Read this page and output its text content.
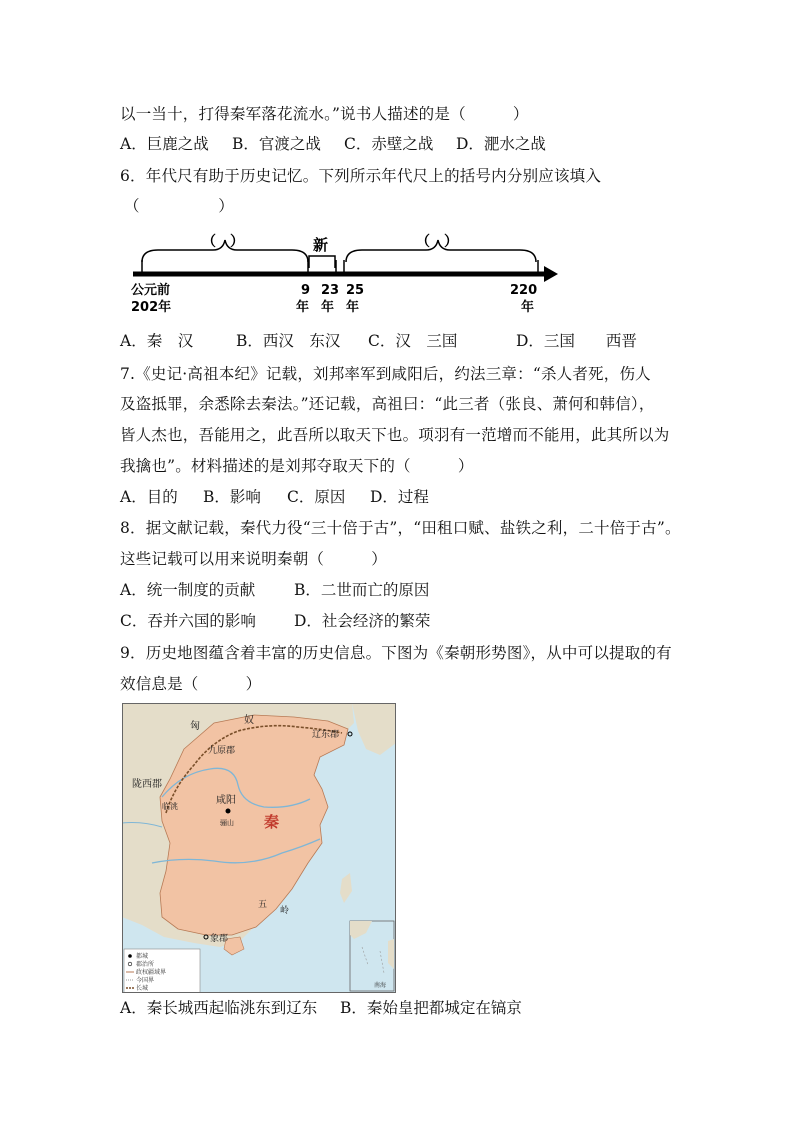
以一当十，打得秦军落花流水。”说书人描述的是（　　　）
A．巨鹿之战 B．官渡之战 C．赤壁之战 D．淝水之战
6．年代尺有助于历史记忆。下列所示年代尺上的括号内分别应该填入
（　　　　　）
（　）	新	（　）
公元前
202年
9
年
23
年
25
年
220
年
A．秦　汉	B．西汉　东汉 C．汉　三国	D．三国　　西晋
7.《史记·高祖本纪》记载，刘邦率军到咸阳后，约法三章：“杀人者死，伤人
及盗抵罪，余悉除去秦法。”还记载，高祖曰：“此三者（张良、萧何和韩信），
皆人杰也，吾能用之，此吾所以取天下也。项羽有一范增而不能用，此其所以为
我擒也”。材料描述的是刘邦夺取天下的（　　　）
A．目的 B．影响 C．原因 D．过程
8．据文献记载，秦代力役“三十倍于古”，“田租口赋、盐铁之利，二十倍于古”。
这些记载可以用来说明秦朝（　　　）
A．统一制度的贡献	B．二世而亡的原因
C．吞并六国的影响 D．社会经济的繁荣
9．历史地图蕴含着丰富的历史信息。下图为《秦朝形势图》，从中可以提取的有
效信息是（　　　）
匈
奴
辽东郡
九原郡
陇西郡
临洮
咸阳
骊山
五
岭
象郡
秦
都城
郡治所
政权疆域界
今国界
长城	南海
A．秦长城西起临洮东到辽东 B．秦始皇把都城定在镐京
